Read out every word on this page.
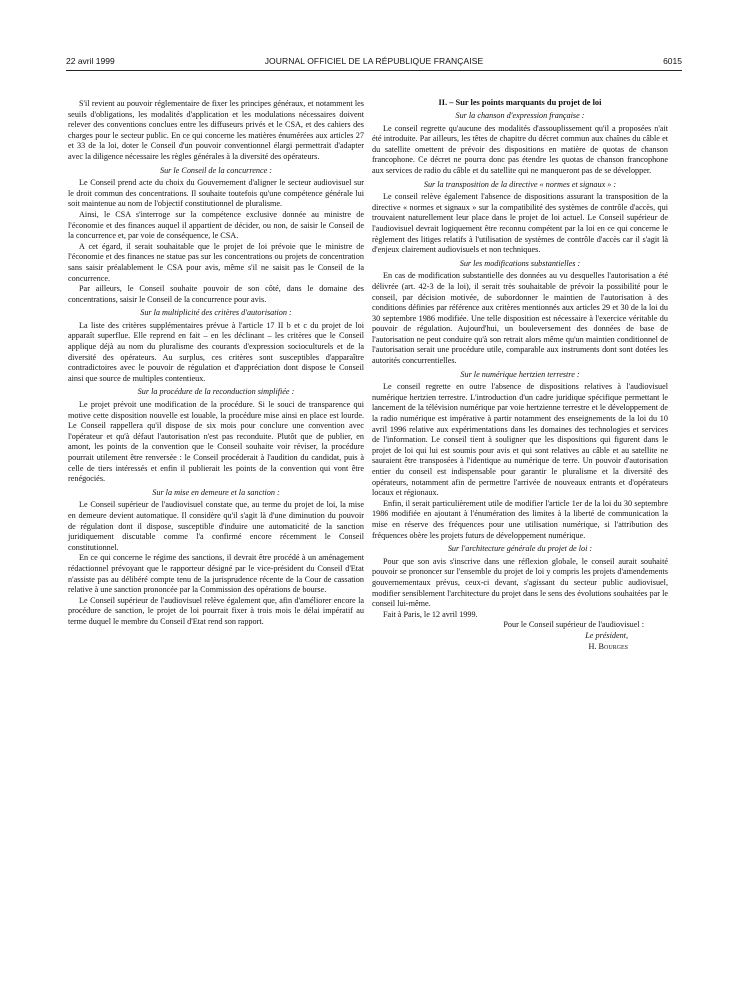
22 avril 1999	JOURNAL OFFICIEL DE LA RÉPUBLIQUE FRANÇAISE	6015

S'il revient au pouvoir réglementaire de fixer les principes généraux, et notamment les seuils d'obligations, les modalités d'application et les modulations nécessaires doivent relever des conventions conclues entre les diffuseurs privés et le CSA, et des cahiers des charges pour le secteur public. En ce qui concerne les matières énumérées aux articles 27 et 33 de la loi, doter le Conseil d'un pouvoir conventionnel élargi permettrait d'adapter avec la diligence nécessaire les règles générales à la diversité des opérateurs.

Sur le Conseil de la concurrence :

Le Conseil prend acte du choix du Gouvernement d'aligner le secteur audiovisuel sur le droit commun des concentrations. Il souhaite toutefois qu'une compétence générale lui soit maintenue au nom de l'objectif constitutionnel de pluralisme.

Ainsi, le CSA s'interroge sur la compétence exclusive donnée au ministre de l'économie et des finances auquel il appartient de décider, ou non, de saisir le Conseil de la concurrence et, par voie de conséquence, le CSA.

A cet égard, il serait souhaitable que le projet de loi prévoie que le ministre de l'économie et des finances ne statue pas sur les concentrations ou projets de concentration sans saisir préalablement le CSA pour avis, même s'il ne saisit pas le Conseil de la concurrence.

Par ailleurs, le Conseil souhaite pouvoir de son côté, dans le domaine des concentrations, saisir le Conseil de la concurrence pour avis.

Sur la multiplicité des critères d'autorisation :

La liste des critères supplémentaires prévue à l'article 17 II b et c du projet de loi apparaît superflue. Elle reprend en fait – en les déclinant – les critères que le Conseil applique déjà au nom du pluralisme des courants d'expression socioculturels et de la diversité des opérateurs. Au surplus, ces critères sont susceptibles d'apparaître contradictoires avec le pouvoir de régulation et d'appréciation dont dispose le Conseil ainsi que source de multiples contentieux.

Sur la procédure de la reconduction simplifiée :

Le projet prévoit une modification de la procédure. Si le souci de transparence qui motive cette disposition nouvelle est louable, la procédure mise ainsi en place est lourde. Le Conseil rappellera qu'il dispose de six mois pour conclure une convention avec l'opérateur et qu'à défaut l'autorisation n'est pas reconduite. Plutôt que de publier, en amont, les points de la convention que le Conseil souhaite voir réviser, la procédure pourrait utilement être renversée : le Conseil procéderait à l'audition du candidat, puis à celle de tiers intéressés et enfin il publierait les points de la convention qui vont être renégociés.

Sur la mise en demeure et la sanction :

Le Conseil supérieur de l'audiovisuel constate que, au terme du projet de loi, la mise en demeure devient automatique. Il considère qu'il s'agit là d'une diminution du pouvoir de régulation dont il dispose, susceptible d'induire une automaticité de la sanction juridiquement discutable comme l'a confirmé encore récemment le Conseil constitutionnel.

En ce qui concerne le régime des sanctions, il devrait être procédé à un aménagement rédactionnel prévoyant que le rapporteur désigné par le vice-président du Conseil d'Etat n'assiste pas au délibéré compte tenu de la jurisprudence récente de la Cour de cassation relative à une sanction prononcée par la Commission des opérations de bourse.

Le Conseil supérieur de l'audiovisuel relève également que, afin d'améliorer encore la procédure de sanction, le projet de loi pourrait fixer à trois mois le délai impératif au terme duquel le membre du Conseil d'Etat rend son rapport.

II. – Sur les points marquants du projet de loi
Sur la chanson d'expression française :

Le conseil regrette qu'aucune des modalités d'assouplissement qu'il a proposées n'ait été introduite. Par ailleurs, les têtes de chapitre du décret commun aux chaînes du câble et du satellite omettent de prévoir des dispositions en matière de quotas de chanson francophone. Ce décret ne pourra donc pas étendre les quotas de chanson francophone aux services de radio du câble et du satellite qui ne manqueront pas de se développer.

Sur la transposition de la directive « normes et signaux » :

Le conseil relève également l'absence de dispositions assurant la transposition de la directive « normes et signaux » sur la compatibilité des systèmes de contrôle d'accès, qui trouvaient naturellement leur place dans le projet de loi actuel. Le Conseil supérieur de l'audiovisuel devrait logiquement être reconnu compétent par la loi en ce qui concerne le règlement des litiges relatifs à l'utilisation de systèmes de contrôle d'accès car il s'agit là d'enjeux clairement audiovisuels et non techniques.

Sur les modifications substantielles :

En cas de modification substantielle des données au vu desquelles l'autorisation a été délivrée (art. 42-3 de la loi), il serait très souhaitable de prévoir la possibilité pour le conseil, par décision motivée, de subordonner le maintien de l'autorisation à des conditions définies par référence aux critères mentionnés aux articles 29 et 30 de la loi du 30 septembre 1986 modifiée. Une telle disposition est nécessaire à l'exercice véritable du pouvoir de régulation. Aujourd'hui, un bouleversement des données de base de l'autorisation ne peut conduire qu'à son retrait alors même qu'un maintien conditionnel de l'autorisation serait une procédure utile, comparable aux instruments dont sont dotées les autorités concurrentielles.

Sur le numérique hertzien terrestre :

Le conseil regrette en outre l'absence de dispositions relatives à l'audiovisuel numérique hertzien terrestre. L'introduction d'un cadre juridique spécifique permettant le lancement de la télévision numérique par voie hertzienne terrestre et le développement de la radio numérique est impérative à partir notamment des enseignements de la loi du 10 avril 1996 relative aux expérimentations dans les domaines des technologies et services de l'information. Le conseil tient à souligner que les dispositions qui figurent dans le projet de loi qui lui est soumis pour avis et qui sont relatives au câble et au satellite ne sauraient être transposées à l'identique au numérique de terre. Un pouvoir d'autorisation entier du conseil est indispensable pour garantir le pluralisme et la diversité des opérateurs, notamment afin de permettre l'arrivée de nouveaux entrants et d'opérateurs locaux et régionaux.

Enfin, il serait particulièrement utile de modifier l'article 1er de la loi du 30 septembre 1986 modifiée en ajoutant à l'énumération des limites à la liberté de communication la mise en réserve des fréquences pour une utilisation numérique, si l'attribution des fréquences obère les projets futurs de développement numérique.

Sur l'architecture générale du projet de loi :

Pour que son avis s'inscrive dans une réflexion globale, le conseil aurait souhaité pouvoir se prononcer sur l'ensemble du projet de loi y compris les projets d'amendements gouvernementaux prévus, ceux-ci devant, s'agissant du secteur public audiovisuel, modifier sensiblement l'architecture du projet dans le sens des évolutions souhaitées par le conseil lui-même.

Fait à Paris, le 12 avril 1999.

Pour le Conseil supérieur de l'audiovisuel :

Le président,

H. Bourges
